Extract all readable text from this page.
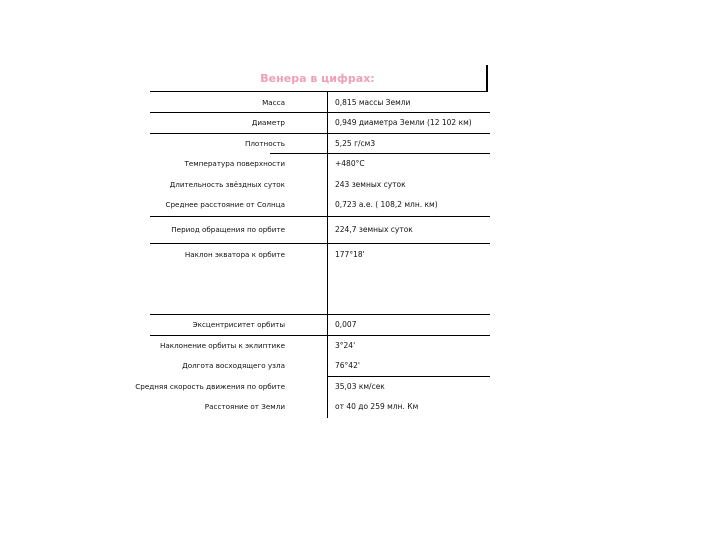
Венера в цифрах:
Масса	0,815 массы Земли
Диаметр	0,949 диаметра Земли (12 102 км)
Плотность	5,25 г/см3
Температура поверхности	+480°С
Длительность звёздных суток	243 земных суток
Среднее расстояние от Солнца	0,723 а.е. ( 108,2 млн. км)
Период обращения по орбите	224,7 земных суток
Наклон экватора к орбите	177°18'
Эксцентриситет орбиты	0,007
Наклонение орбиты к эклиптике	3°24'
Долгота восходящего узла	76°42'
Средняя скорость движения по орбите	35,03 км/сек
Расстояние от Земли	от 40 до 259 млн. Км
